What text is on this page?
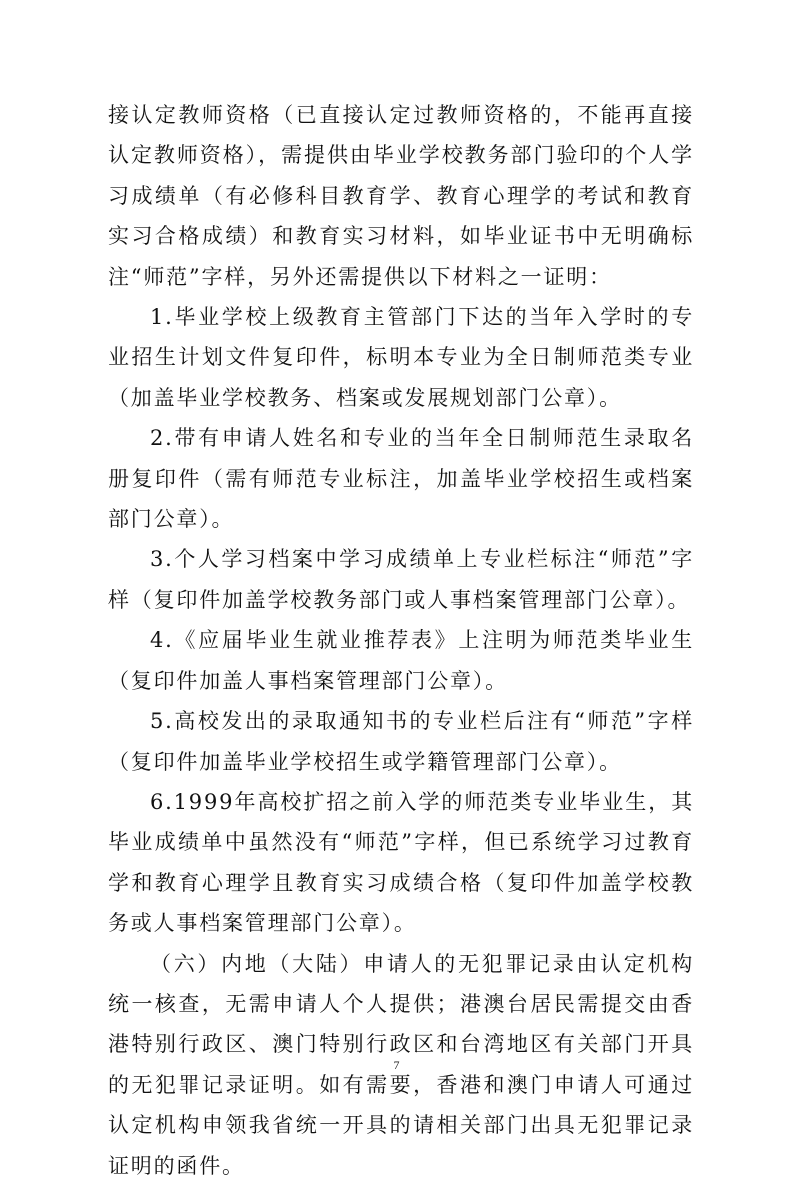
接认定教师资格（已直接认定过教师资格的，不能再直接认定教师资格），需提供由毕业学校教务部门验印的个人学习成绩单（有必修科目教育学、教育心理学的考试和教育实习合格成绩）和教育实习材料，如毕业证书中无明确标注“师范”字样，另外还需提供以下材料之一证明：

1.毕业学校上级教育主管部门下达的当年入学时的专业招生计划文件复印件，标明本专业为全日制师范类专业（加盖毕业学校教务、档案或发展规划部门公章）。

2.带有申请人姓名和专业的当年全日制师范生录取名册复印件（需有师范专业标注，加盖毕业学校招生或档案部门公章）。

3.个人学习档案中学习成绩单上专业栏标注“师范”字样（复印件加盖学校教务部门或人事档案管理部门公章）。

4.《应届毕业生就业推荐表》上注明为师范类毕业生（复印件加盖人事档案管理部门公章）。

5.高校发出的录取通知书的专业栏后注有“师范”字样（复印件加盖毕业学校招生或学籍管理部门公章）。

6.1999年高校扩招之前入学的师范类专业毕业生，其毕业成绩单中虽然没有“师范”字样，但已系统学习过教育学和教育心理学且教育实习成绩合格（复印件加盖学校教务或人事档案管理部门公章）。

（六）内地（大陆）申请人的无犯罪记录由认定机构统一核查，无需申请人个人提供；港澳台居民需提交由香港特别行政区、澳门特别行政区和台湾地区有关部门开具的无犯罪记录证明。如有需要，香港和澳门申请人可通过认定机构申领我省统一开具的请相关部门出具无犯罪记录证明的函件。

7
